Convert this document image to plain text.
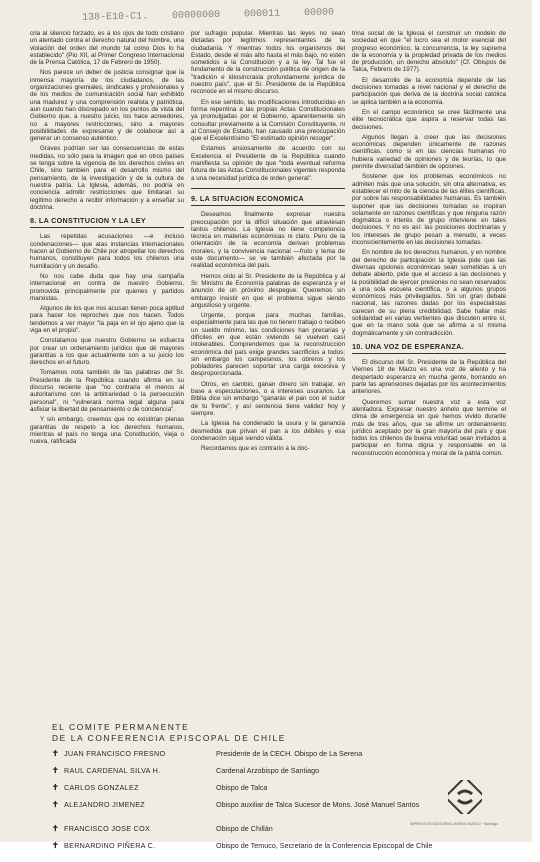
138-E10-C1. 00000000 000011 00000

cria al silencio forzado, es a los ojos de todo cristiano un atentado contra el derecho natural del hombre, una violación del orden del mundo tal como Dios lo ha establecido" (Pio XII, al Primer Congreso Internacional de la Prensa Católica, 17 de Febrero de 1950).

Nos parece un deber de justicia consignar que la inmensa mayoría de los ciudadanos, de las organizaciones gremiales, sindicales y profesionales y de los medios de comunicación social han exhibido una madurez y una comprensión realista y patriótica, aun cuando han discrepado en los puntos de vista del Gobierno que, a nuestro juicio, los hace acreedores, no a mayores restricciones, sino a mayores posibilidades de expresarse y de colaborar así a generar un consenso auténtico.

Graves podrían ser las consecuencias de estas medidas, no sólo para la imagen que en otros países se tenga sobre la vigencia de los derechos civiles en Chile, sino también para el desarrollo mismo del pensamiento, de la investigación y de la cultura de nuestra patria. La Iglesia, además, no podría en conciencia admitir restricciones que limitaran su legítimo derecho a recibir información y a enseñar su doctrina.

8. LA CONSTITUCION Y LA LEY

Las repetidas acusaciones —e incluso condenaciones— que atas instancias internacionales hacen al Gobierno de Chile por atropellar los derechos humanos, constituyen para todos los chilenos una humillación y un desafío.

No nos cabe duda que hay una campaña internacional en contra de nuestro Gobierno, promovida principalmente por quienes y partidos marxistas.

Algunos de los que nos acusan tienen poca aptitud para hacer los reproches que nos hacen. Todos tendemos a ver mayor "la paja en el ojo ajeno que la viga en el propio".

Constatamos que nuestro Gobierno se esfuerza por crear un ordenamiento jurídico que dé mayores garantías a los que actualmente son a su juicio los derechos en el futuro.

Tomamos nota también de las palabras del Sr. Presidente de la República cuando afirma en su discurso reciente que "no contraria el menos al autoritarismo con la arbitrariedad o la persecución personal", ni "vulnerará norma legal alguna para asfixiar la libertad de pensamiento o de conciencia".

Y sin embargo, creemos que no existirían plenas garantías de respeto a los derechos humanos, mientras el país no tenga una Constitución, vieja o nueva, ratificada

por sufragio popular. Mientras las leyes no sean dictadas por legítimos representantes de la ciudadanía. Y mientras todos los organismos del Estado, desde el más alto hasta el más bajo, no estén sometidos a la Constitución y a la ley. Tal fue el fundamento de la construcción política de origen de la "tradición e idiosincrasia profundamente jurídica de nuestro país", que el Sr. Presidente de la República reconoce en el mismo discurso.

En ese sentido, las modificaciones introducidas en forma repentina a las propias Actas Constitucionales ya promulgadas por el Gobierno, aparentemente sin consultar previamente a la Comisión Constituyente, ni al Consejo de Estado, han causado una preocupación que el Excelentísimo "El estimado opinión recoger".

Estamos ansiosamente de acuerdo con su Excelencia el Presidente de la República cuando manifiesta su opinión de que "toda eventual reforma futura de las Actas Constitucionales vigentes responda a una necesidad jurídica de orden general".

9. LA SITUACION ECONOMICA

Deseamos finalmente expresar nuestra preocupación por la difícil situación que atraviesan tantos chilenos. La Iglesia no tiene competencia técnica en materias económicas ni claro. Pero de la orientación de la economía derivan problemas morales, y la convivencia nacional —fruto y tema de este documento— se ve también afectada por la realidad económica del país.

Hemos oído al Sr. Presidente de la República y al Sr. Ministro de Economía palabras de esperanza y el anuncio de un próximo despegue. Queremos sin embargo insistir en que el problema sigue siendo angustioso y urgente.

Urgente, porque para muchas familias, especialmente para las que no tienen trabajo o reciben un sueldo mínimo, las condiciones han precarias y difíciles en que están viviendo se vuelven casi intolerables. Comprendemos que la reconstrucción económica del país exige grandes sacrificios a todos; sin embargo los campesinos, los obreros y los pobladores parecen soportar una carga excesiva y desproporcionada.

Otros, en cambio, ganan dinero sin trabajar, en base a especulaciones, o a intereses usurarios. La Biblia dice sin embargo "ganarás el pan con el sudor de tu frente", y así sentencia tiene validez hoy y siempre.

La Iglesia ha condenado la usura y la ganancia desmedida que privan el pan a los débiles y esa condenación sigue siendo válida.

Recordamos que es contrario a la doc-

trina social de la Iglesia el construir un modelo de sociedad en que "el lucro sea el motor esencial del progreso económico, la concurrencia, la ley suprema de la economía y la propiedad privada de los medios de producción, un derecho absoluto" (Cf. Obispos de Talca, Febrero de 1977).

El desarrollo de la economía depende de las decisiones tomadas a nivel nacional y el derecho de participación que deriva de la doctrina social católica se aplica también a la economía.

En el campo económico se cree fácilmente una élite tecnocrática que aspira a reservar todas las decisiones.

Algunos llegan a creer que las decisiones económicas dependen únicamente de razones científicas, como si en las ciencias humanas no hubiera variedad de opiniones y de teorías, lo que permite diversidad también de opciones.

Sostener que los problemas económicos no admiten más que una solución, sin otra alternativa, es establecer el mito de la ciencia de las élites científicas, por sobre las responsabilidades humanas. Es también suponer que las decisiones tomadas se inspiran solamente en razones científicas y que ninguna razón dogmática o interés de grupo interviene en tales decisiones. Y no es así: las posiciones doctrinarias y los intereses de grupo pesan a menudo, a veces inconscientemente en las decisiones tomadas.

En nombre de los derechos humanos, y en nombre del derecho de participación la Iglesia pide que las diversas opciones económicas sean sometidas a un debate abierto, pide que el acceso a las decisiones y la posibilidad de ejercer presiones no sean reservados a una sola escuela científica, o a algunos grupos económicos más privilegiados. Sin un gran debate nacional, las razones dadas por los especialistas carecen de su plena credibilidad. Sabe hallar más solidaridad en varias vertientes que discuten entre sí, que en la mano sola que se afirma a sí misma dogmáticamente y sin contradicción.

10. UNA VOZ DE ESPERANZA.

El discurso del Sr. Presidente de la República del Viernes 18 de Marzo es una voz de aliento y ha despertado esperanza en mucha gente, borrando en parte las aprensiones dejadas por los acontecimientos anteriores.

Queremos sumar nuestra voz a esta voz alentadora. Expresar nuestro anhelo que termine el clima de emergencia en que hemos vivido durante más de tres años, que se afirme un ordenamiento jurídico aceptado por la gran mayoría del país y que todos los chilenos de buena voluntad sean invitados a participar en forma digna y responsable en la reconstrucción económica y moral de la patria común.

EL COMITE PERMANENTE
DE LA CONFERENCIA EPISCOPAL DE CHILE
✝ JUAN FRANCISCO FRESNO	Presidente de la CECH. Obispo de La Serena
✝ RAUL CARDENAL SILVA H.	Cardenal Arzobispo de Santiago
✝ CARLOS GONZALEZ	Obispo de Talca
✝ ALEJANDRO JIMENEZ	Obispo auxiliar de Talca Sucesor de Mons. José Manuel Santos
✝ FRANCISCO JOSE COX	Obispo de Chillán
✝ BERNARDINO PIÑERA C.	Obispo de Temuco, Secretario de la Conferencia Episcopal de Chile
IMPRESO EN EDITORIAL MUNDO NUEVO · Santiago
